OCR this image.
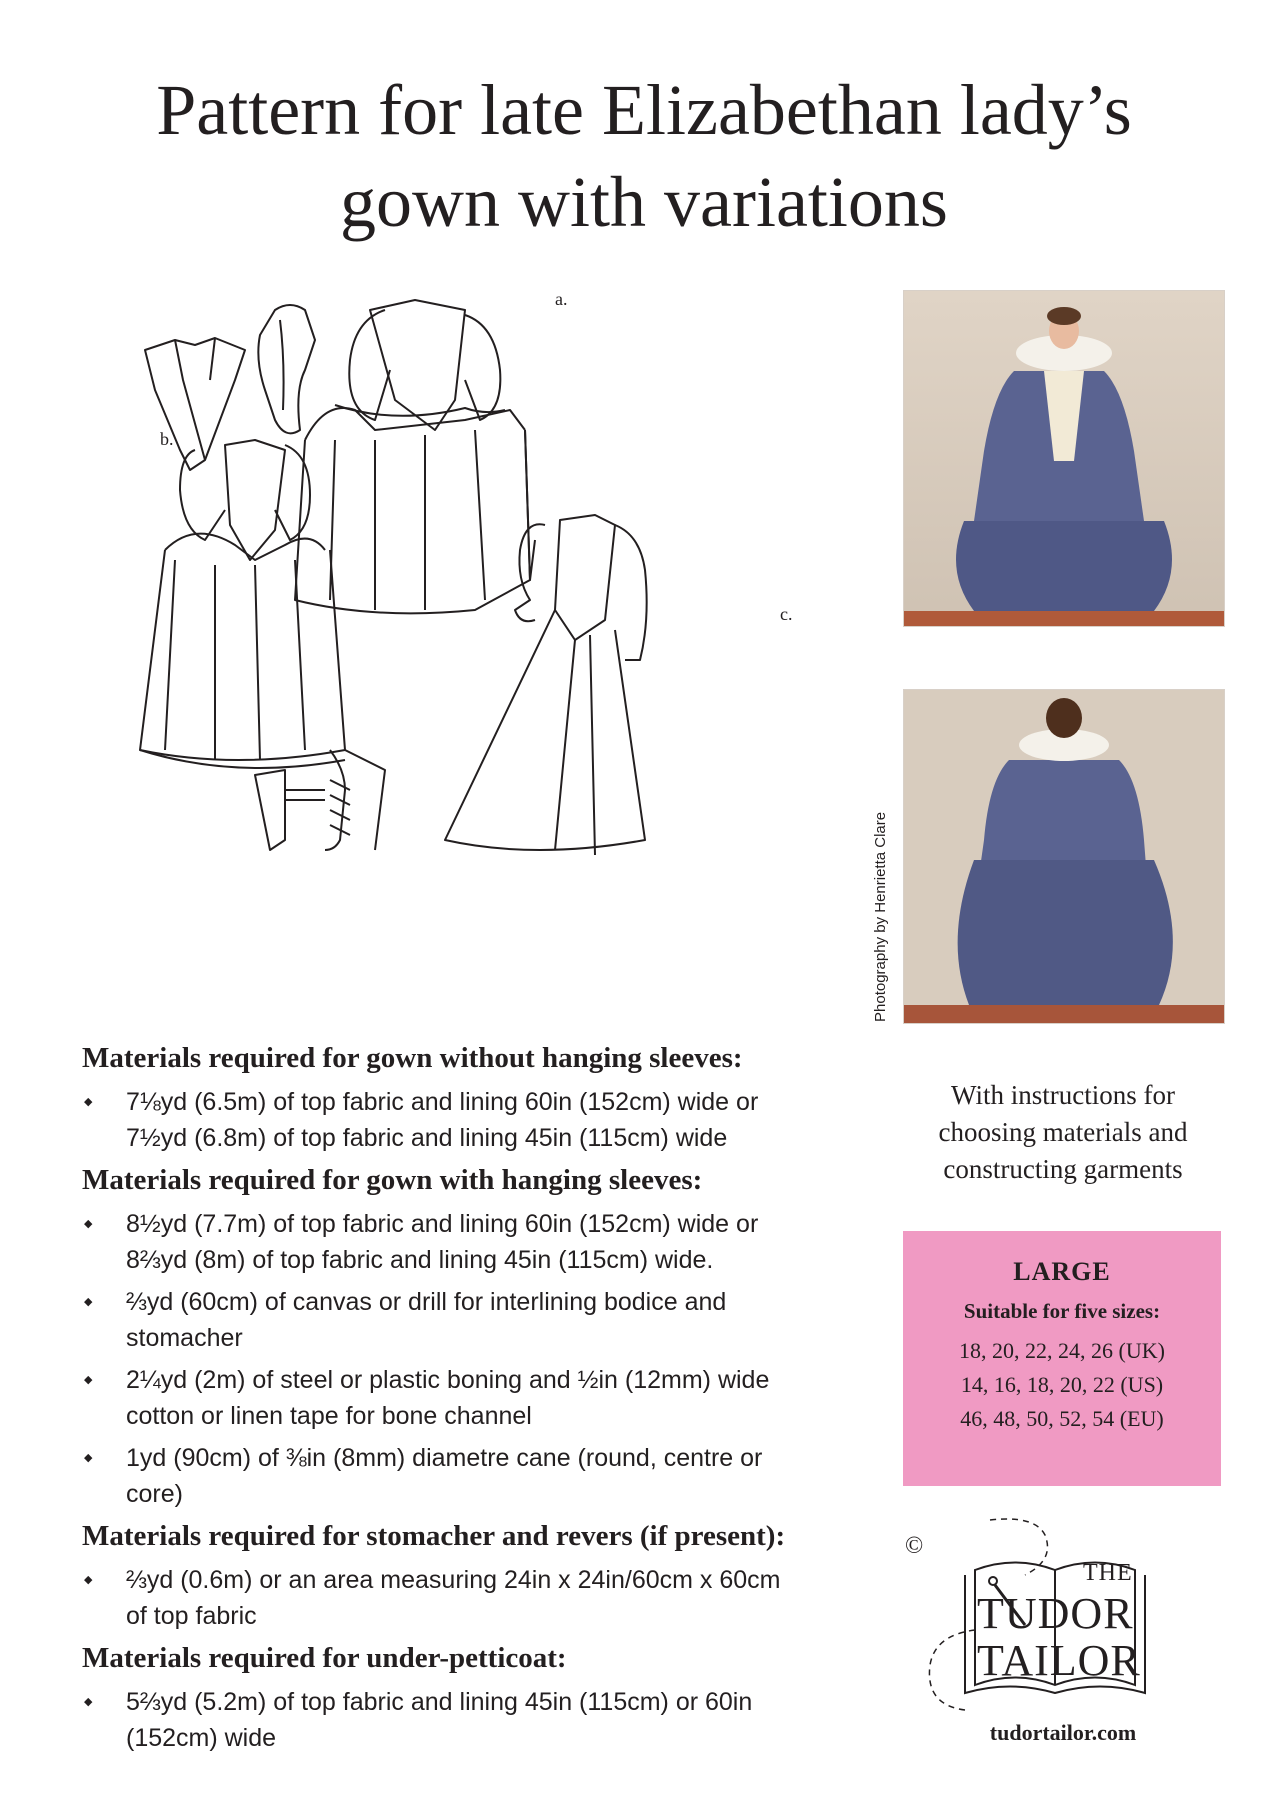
Pattern for late Elizabethan lady’s
gown with variations
a.
b.
c.
Photography by Henrietta Clare
Materials required for gown without hanging sleeves:
◆ 7⅛yd (6.5m) of top fabric and lining 60in (152cm) wide or
7½yd (6.8m) of top fabric and lining 45in (115cm) wide
Materials required for gown with hanging sleeves:
◆ 8½yd (7.7m) of top fabric and lining 60in (152cm) wide or
8⅔yd (8m) of top fabric and lining 45in (115cm) wide.
◆ ⅔yd (60cm) of canvas or drill for interlining bodice and
stomacher
◆ 2¼yd (2m) of steel or plastic boning and ½in (12mm) wide
cotton or linen tape for bone channel
◆ 1yd (90cm) of ⅜in (8mm) diametre cane (round, centre or
core)
Materials required for stomacher and revers (if present):
◆ ⅔yd (0.6m) or an area measuring 24in x 24in/60cm x 60cm
of top fabric
Materials required for under-petticoat:
◆ 5⅔yd (5.2m) of top fabric and lining 45in (115cm) or 60in
(152cm) wide
With instructions for
choosing materials and
constructing garments
LARGE
Suitable for five sizes:
18, 20, 22, 24, 26 (UK)
14, 16, 18, 20, 22 (US)
46, 48, 50, 52, 54 (EU)
©
THE
TUDOR
TAILOR
tudortailor.com
